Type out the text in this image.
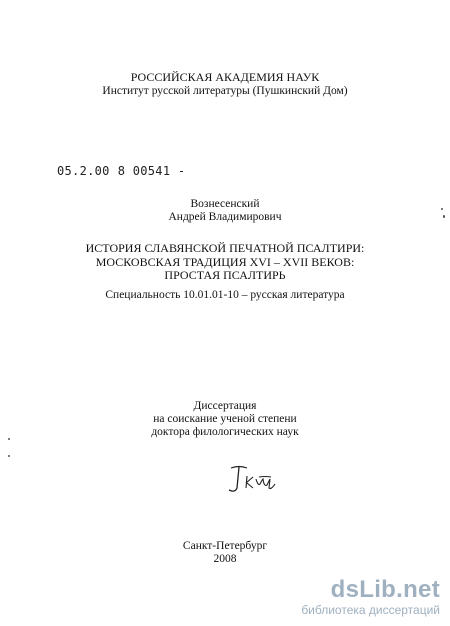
РОССИЙСКАЯ АКАДЕМИЯ НАУК
Институт русской литературы (Пушкинский Дом)
05.2.00 8 00541 -
Вознесенский
Андрей Владимирович
ИСТОРИЯ СЛАВЯНСКОЙ ПЕЧАТНОЙ ПСАЛТИРИ:
МОСКОВСКАЯ ТРАДИЦИЯ XVI – XVII ВЕКОВ:
ПРОСТАЯ ПСАЛТИРЬ
Специальность 10.01.01-10 – русская литература
Диссертация
на соискание ученой степени
доктора филологических наук
Санкт-Петербург
2008
dsLib.net
библиотека диссертаций
